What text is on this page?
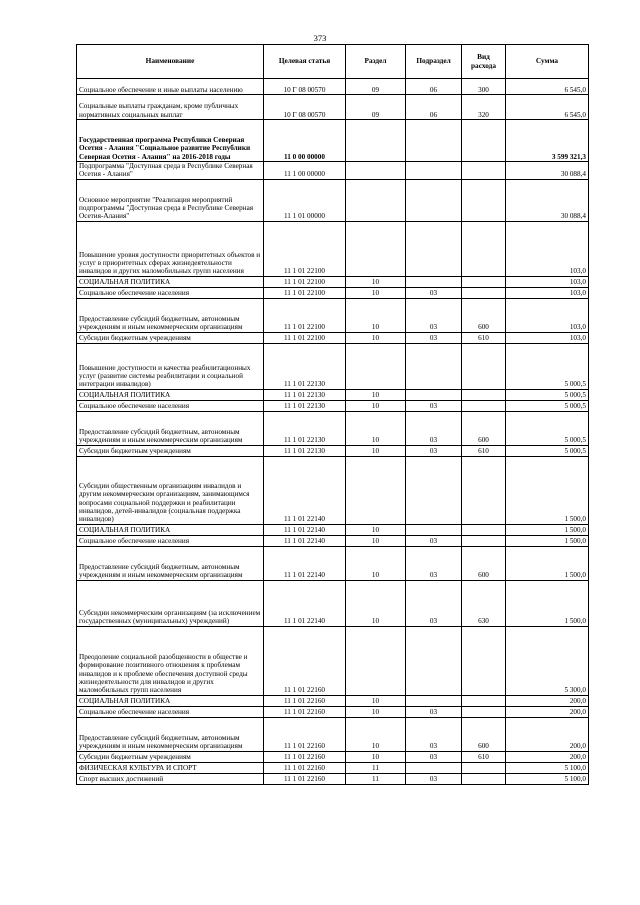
373
Наименование	Целевая статья	Раздел	Подраздел	Вид расхода	Сумма
Социальное обеспечение и иные выплаты населению	10 Г 08 00570	09	06	300	6 545,0
Социальные выплаты гражданам, кроме публичных нормативных социальных выплат	10 Г 08 00570	09	06	320	6 545,0
Государственная программа Республики Северная Осетия - Алания "Социальное развитие Республики Северная Осетия - Алания" на 2016-2018 годы	11 0 00 00000				3 599 321,3
Подпрограмма "Доступная среда в Республике Северная Осетия - Алания"	11 1 00 00000				30 088,4
Основное мероприятие "Реализация мероприятий подпрограммы "Доступная среда в Республике Северная Осетия-Алания"	11 1 01 00000				30 088,4
Повышение уровня доступности приоритетных объектов и услуг в приоритетных сферах жизнедеятельности инвалидов и других маломобильных групп населения	11 1 01 22100				103,0
СОЦИАЛЬНАЯ ПОЛИТИКА	11 1 01 22100	10			103,0
Социальное обеспечение населения	11 1 01 22100	10	03		103,0
Предоставление субсидий бюджетным, автономным учреждениям и иным некоммерческим организациям	11 1 01 22100	10	03	600	103,0
Субсидии бюджетным учреждениям	11 1 01 22100	10	03	610	103,0
Повышение доступности и качества реабилитационных услуг (развитие системы реабилитации и социальной интеграции инвалидов)	11 1 01 22130				5 000,5
СОЦИАЛЬНАЯ ПОЛИТИКА	11 1 01 22130	10			5 000,5
Социальное обеспечение населения	11 1 01 22130	10	03		5 000,5
Предоставление субсидий бюджетным, автономным учреждениям и иным некоммерческим организациям	11 1 01 22130	10	03	600	5 000,5
Субсидии бюджетным учреждениям	11 1 01 22130	10	03	610	5 000,5
Субсидии общественным организациям инвалидов и другим некоммерческим организациям, занимающимся вопросами социальной поддержки и реабилитации инвалидов, детей-инвалидов (социальная поддержка инвалидов)	11 1 01 22140				1 500,0
СОЦИАЛЬНАЯ ПОЛИТИКА	11 1 01 22140	10			1 500,0
Социальное обеспечение населения	11 1 01 22140	10	03		1 500,0
Предоставление субсидий бюджетным, автономным учреждениям и иным некоммерческим организациям	11 1 01 22140	10	03	600	1 500,0
Субсидии некоммерческим организациям (за исключением государственных (муниципальных) учреждений)	11 1 01 22140	10	03	630	1 500,0
Преодоление социальной разобщенности в обществе и формирование позитивного отношения к проблемам инвалидов и к проблеме обеспечения доступной среды жизнедеятельности для инвалидов и других маломобильных групп населения	11 1 01 22160				5 300,0
СОЦИАЛЬНАЯ ПОЛИТИКА	11 1 01 22160	10			200,0
Социальное обеспечение населения	11 1 01 22160	10	03		200,0
Предоставление субсидий бюджетным, автономным учреждениям и иным некоммерческим организациям	11 1 01 22160	10	03	600	200,0
Субсидии бюджетным учреждениям	11 1 01 22160	10	03	610	200,0
ФИЗИЧЕСКАЯ КУЛЬТУРА И СПОРТ	11 1 01 22160	11			5 100,0
Спорт высших достижений	11 1 01 22160	11	03		5 100,0
